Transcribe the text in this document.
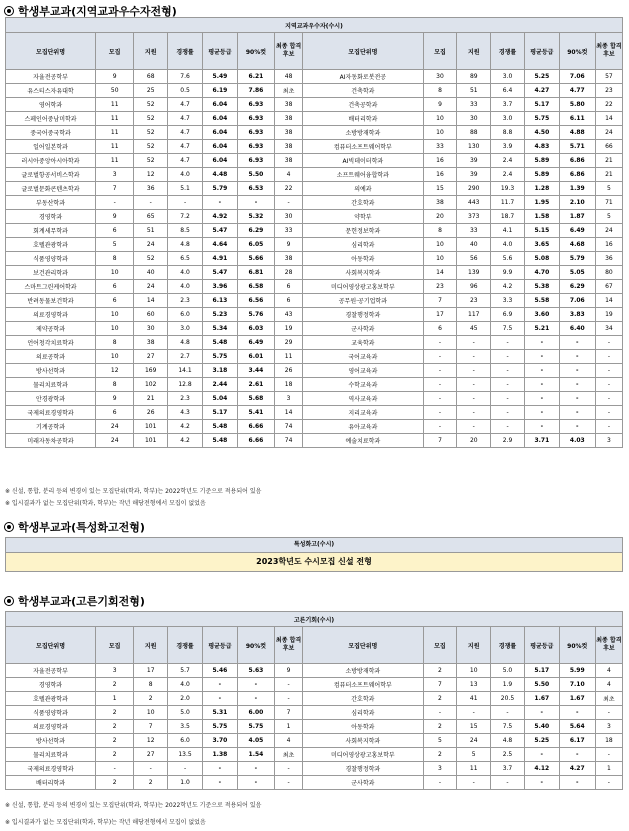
학생부교과(지역교과우수자전형)
지역교과우수자(수시)													
모집단위명	모집	지원	경쟁률	평균등급	90%컷	최종 합격 후보	모집단위명	모집	지원	경쟁률	평균등급	90%컷	최종 합격 후보
자율전공학부	9	68	7.6	5.49	6.21	48	AI자동화로봇전공	30	89	3.0	5.25	7.06	57
유스티스자유대학	50	25	0.5	6.19	7.86	최초	건축학과	8	51	6.4	4.27	4.77	23
영어학과	11	52	4.7	6.04	6.93	38	건축공학과	9	33	3.7	5.17	5.80	22
스페인어중남미학과	11	52	4.7	6.04	6.93	38	배터리학과	10	30	3.0	5.75	6.11	14
중국어중국학과	11	52	4.7	6.04	6.93	38	소방방재학과	10	88	8.8	4.50	4.88	24
일어일본학과	11	52	4.7	6.04	6.93	38	컴퓨터소프트웨어학부	33	130	3.9	4.83	5.71	66
러시아중앙아시아학과	11	52	4.7	6.04	6.93	38	AI빅데이터학과	16	39	2.4	5.89	6.86	21
글로벌항공서비스학과	3	12	4.0	4.48	5.50	4	소프트웨어융합학과	16	39	2.4	5.89	6.86	21
글로벌문화콘텐츠학과	7	36	5.1	5.79	6.53	22	의예과	15	290	19.3	1.28	1.39	5
부동산학과	-	-	-	-	-	-	간호학과	38	443	11.7	1.95	2.10	71
경영학과	9	65	7.2	4.92	5.32	30	약학부	20	373	18.7	1.58	1.87	5
회계세무학과	6	51	8.5	5.47	6.29	33	문헌정보학과	8	33	4.1	5.15	6.49	24
호텔관광학과	5	24	4.8	4.64	6.05	9	심리학과	10	40	4.0	3.65	4.68	16
식품영양학과	8	52	6.5	4.91	5.66	38	아동학과	10	56	5.6	5.08	5.79	36
보건관리학과	10	40	4.0	5.47	6.81	28	사회복지학과	14	139	9.9	4.70	5.05	80
스마트그린케어학과	6	24	4.0	3.96	6.58	6	미디어영상광고홍보학부	23	96	4.2	5.38	6.29	67
반려동물보건학과	6	14	2.3	6.13	6.56	6	공무원·공기업학과	7	23	3.3	5.58	7.06	14
의료경영학과	10	60	6.0	5.23	5.76	43	경찰행정학과	17	117	6.9	3.60	3.83	19
제약공학과	10	30	3.0	5.34	6.03	19	군사학과	6	45	7.5	5.21	6.40	34
언어청각치료학과	8	38	4.8	5.48	6.49	29	교육학과	-	-	-	-	-	-
의료공학과	10	27	2.7	5.75	6.01	11	국어교육과	-	-	-	-	-	-
방사선학과	12	169	14.1	3.18	3.44	26	영어교육과	-	-	-	-	-	-
물리치료학과	8	102	12.8	2.44	2.61	18	수학교육과	-	-	-	-	-	-
안경광학과	9	21	2.3	5.04	5.68	3	역사교육과	-	-	-	-	-	-
국제의료경영학과	6	26	4.3	5.17	5.41	14	지리교육과	-	-	-	-	-	-
기계공학과	24	101	4.2	5.48	6.66	74	유아교육과	-	-	-	-	-	-
미래자동차공학과	24	101	4.2	5.48	6.66	74	예술치료학과	7	20	2.9	3.71	4.03	3
※ 신설, 통합, 분리 등의 변경이 있는 모집단위(학과, 학부)는 2022학년도 기준으로 적용되어 있음
※ 입시결과가 없는 모집단위(학과, 학부)는 작년 해당전형에서 모집이 없었음
학생부교과(특성화고전형)
특성화고(수시)
2023학년도 수시모집 신설 전형
학생부교과(고른기회전형)
고른기회(수시)													
모집단위명	모집	지원	경쟁률	평균등급	90%컷	최종 합격 후보	모집단위명	모집	지원	경쟁률	평균등급	90%컷	최종 합격 후보
자율전공학부	3	17	5.7	5.46	5.63	9	소방방재학과	2	10	5.0	5.17	5.99	4
경영학과	2	8	4.0	-	-	-	컴퓨터소프트웨어학부	7	13	1.9	5.50	7.10	4
호텔관광학과	1	2	2.0	-	-	-	간호학과	2	41	20.5	1.67	1.67	최초
식품영양학과	2	10	5.0	5.31	6.00	7	심리학과	-	-	-	-	-	-
의료경영학과	2	7	3.5	5.75	5.75	1	아동학과	2	15	7.5	5.40	5.64	3
방사선학과	2	12	6.0	3.70	4.05	4	사회복지학과	5	24	4.8	5.25	6.17	18
물리치료학과	2	27	13.5	1.38	1.54	최초	미디어영상광고홍보학부	2	5	2.5	-	-	-
국제의료경영학과	-	-	-	-	-	-	경찰행정학과	3	11	3.7	4.12	4.27	1
배터리학과	2	2	1.0	-	-	-	군사학과	-	-	-	-	-	-
※ 신설, 통합, 분리 등의 변경이 있는 모집단위(학과, 학부)는 2022학년도 기준으로 적용되어 있음
※ 입시결과가 없는 모집단위(학과, 학부)는 작년 해당전형에서 모집이 없었음
